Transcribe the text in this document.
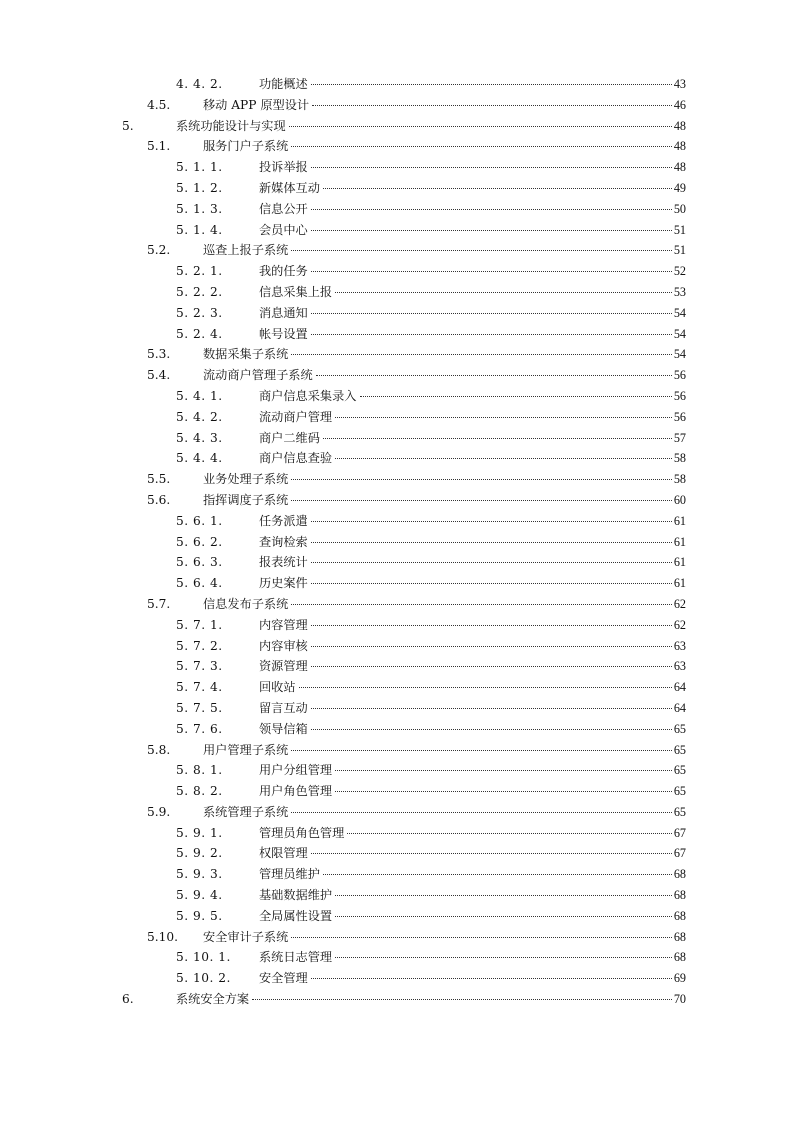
4. 4. 2.	功能概述	43
4.5.	移动 APP 原型设计	46
5.	系统功能设计与实现	48
5.1.	服务门户子系统	48
5. 1. 1.	投诉举报	48
5. 1. 2.	新媒体互动	49
5. 1. 3.	信息公开	50
5. 1. 4.	会员中心	51
5.2.	巡查上报子系统	51
5. 2. 1.	我的任务	52
5. 2. 2.	信息采集上报	53
5. 2. 3.	消息通知	54
5. 2. 4.	帐号设置	54
5.3.	数据采集子系统	54
5.4.	流动商户管理子系统	56
5. 4. 1.	商户信息采集录入	56
5. 4. 2.	流动商户管理	56
5. 4. 3.	商户二维码	57
5. 4. 4.	商户信息查验	58
5.5.	业务处理子系统	58
5.6.	指挥调度子系统	60
5. 6. 1.	任务派遣	61
5. 6. 2.	查询检索	61
5. 6. 3.	报表统计	61
5. 6. 4.	历史案件	61
5.7.	信息发布子系统	62
5. 7. 1.	内容管理	62
5. 7. 2.	内容审核	63
5. 7. 3.	资源管理	63
5. 7. 4.	回收站	64
5. 7. 5.	留言互动	64
5. 7. 6.	领导信箱	65
5.8.	用户管理子系统	65
5. 8. 1.	用户分组管理	65
5. 8. 2.	用户角色管理	65
5.9.	系统管理子系统	65
5. 9. 1.	管理员角色管理	67
5. 9. 2.	权限管理	67
5. 9. 3.	管理员维护	68
5. 9. 4.	基础数据维护	68
5. 9. 5.	全局属性设置	68
5.10. 安全审计子系统	68
5. 10. 1. 系统日志管理	68
5. 10. 2. 安全管理	69
6.	系统安全方案	70
